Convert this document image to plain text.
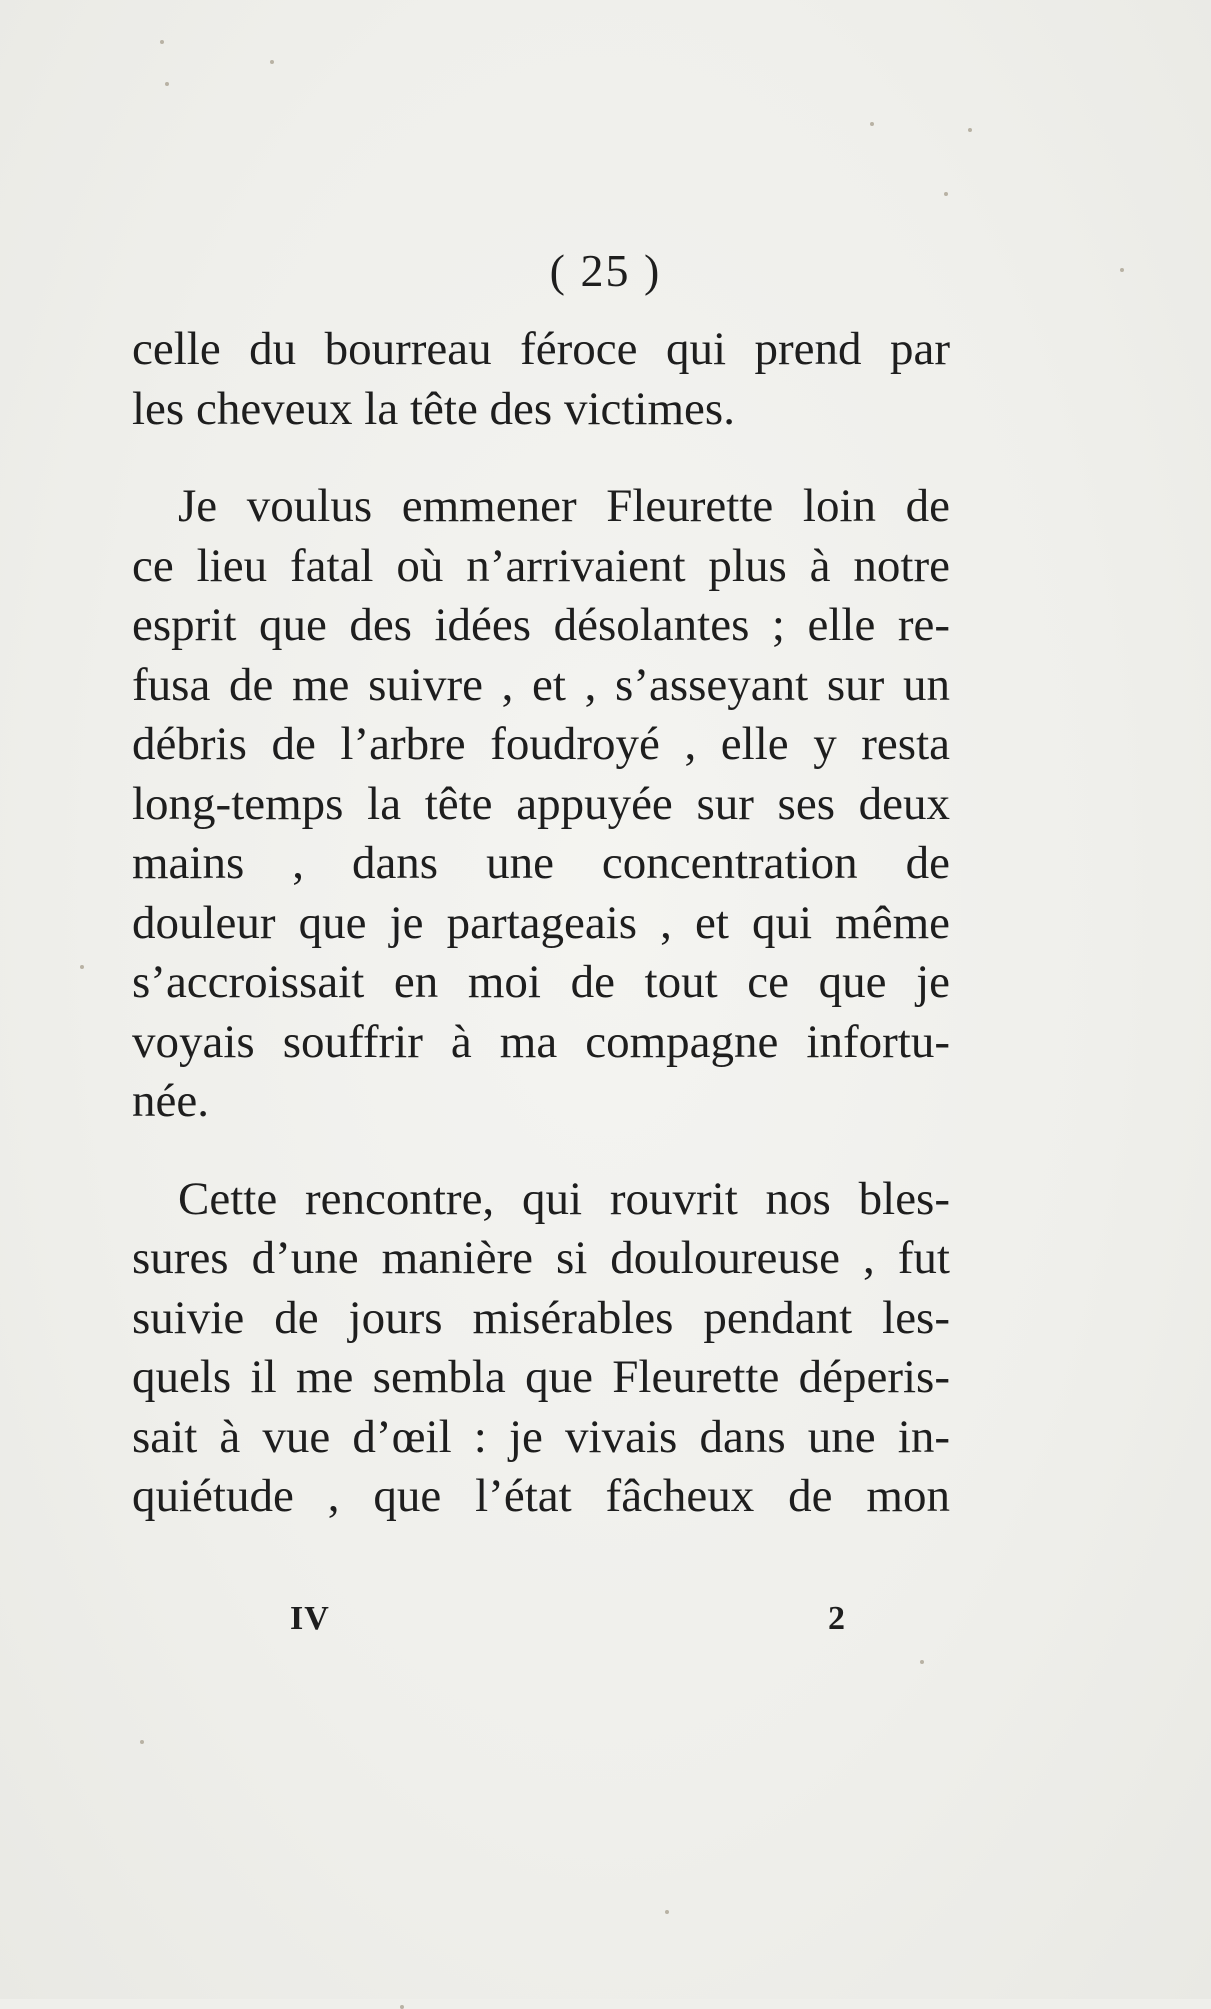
( 25 )
celle du bourreau féroce qui prend par
les cheveux la tête des victimes.
Je voulus emmener Fleurette loin de
ce lieu fatal où n’arrivaient plus à notre
esprit que des idées désolantes ; elle re-
fusa de me suivre , et , s’asseyant sur un
débris de l’arbre foudroyé , elle y resta
long-temps la tête appuyée sur ses deux
mains , dans une concentration de
douleur que je partageais , et qui même
s’accroissait en moi de tout ce que je
voyais souffrir à ma compagne infortu-
née.
Cette rencontre, qui rouvrit nos bles-
sures d’une manière si douloureuse , fut
suivie de jours misérables pendant les-
quels il me sembla que Fleurette déperis-
sait à vue d’œil : je vivais dans une in-
quiétude , que l’état fâcheux de mon
IV	2
